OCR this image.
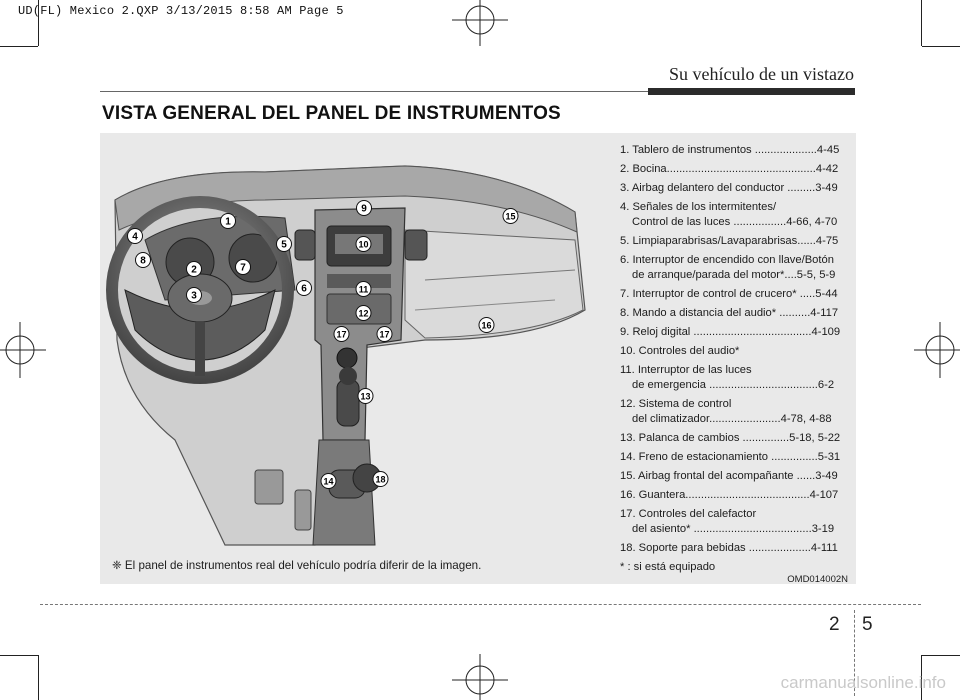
UD(FL) Mexico 2.QXP 3/13/2015 8:58 AM Page 5
Su vehículo de un vistazo
VISTA GENERAL DEL PANEL DE INSTRUMENTOS
1
2
3
4
5
6
7
8
9
10
11
12
13
14
15
16
17	17
18
1. Tablero de instrumentos ....................4-45
2. Bocina................................................4-42
3. Airbag delantero del conductor .........3-49
4. Señales de los intermitentes/
Control de las luces .................4-66, 4-70
5. Limpiaparabrisas/Lavaparabrisas......4-75
6. Interruptor de encendido con llave/Botón
de arranque/parada del motor*....5-5, 5-9
7. Interruptor de control de crucero* .....5-44
8. Mando a distancia del audio* ..........4-117
9. Reloj digital ......................................4-109
10. Controles del audio*
11. Interruptor de las luces
de emergencia ...................................6-2
12. Sistema de control
del climatizador.......................4-78, 4-88
13. Palanca de cambios ...............5-18, 5-22
14. Freno de estacionamiento ...............5-31
15. Airbag frontal del acompañante ......3-49
16. Guantera........................................4-107
17. Controles del calefactor
del asiento* ......................................3-19
18. Soporte para bebidas ....................4-111
* : si está equipado
❈ El panel de instrumentos real del vehículo podría diferir de la imagen.
OMD014002N
2 5
carmanualsonline.info
